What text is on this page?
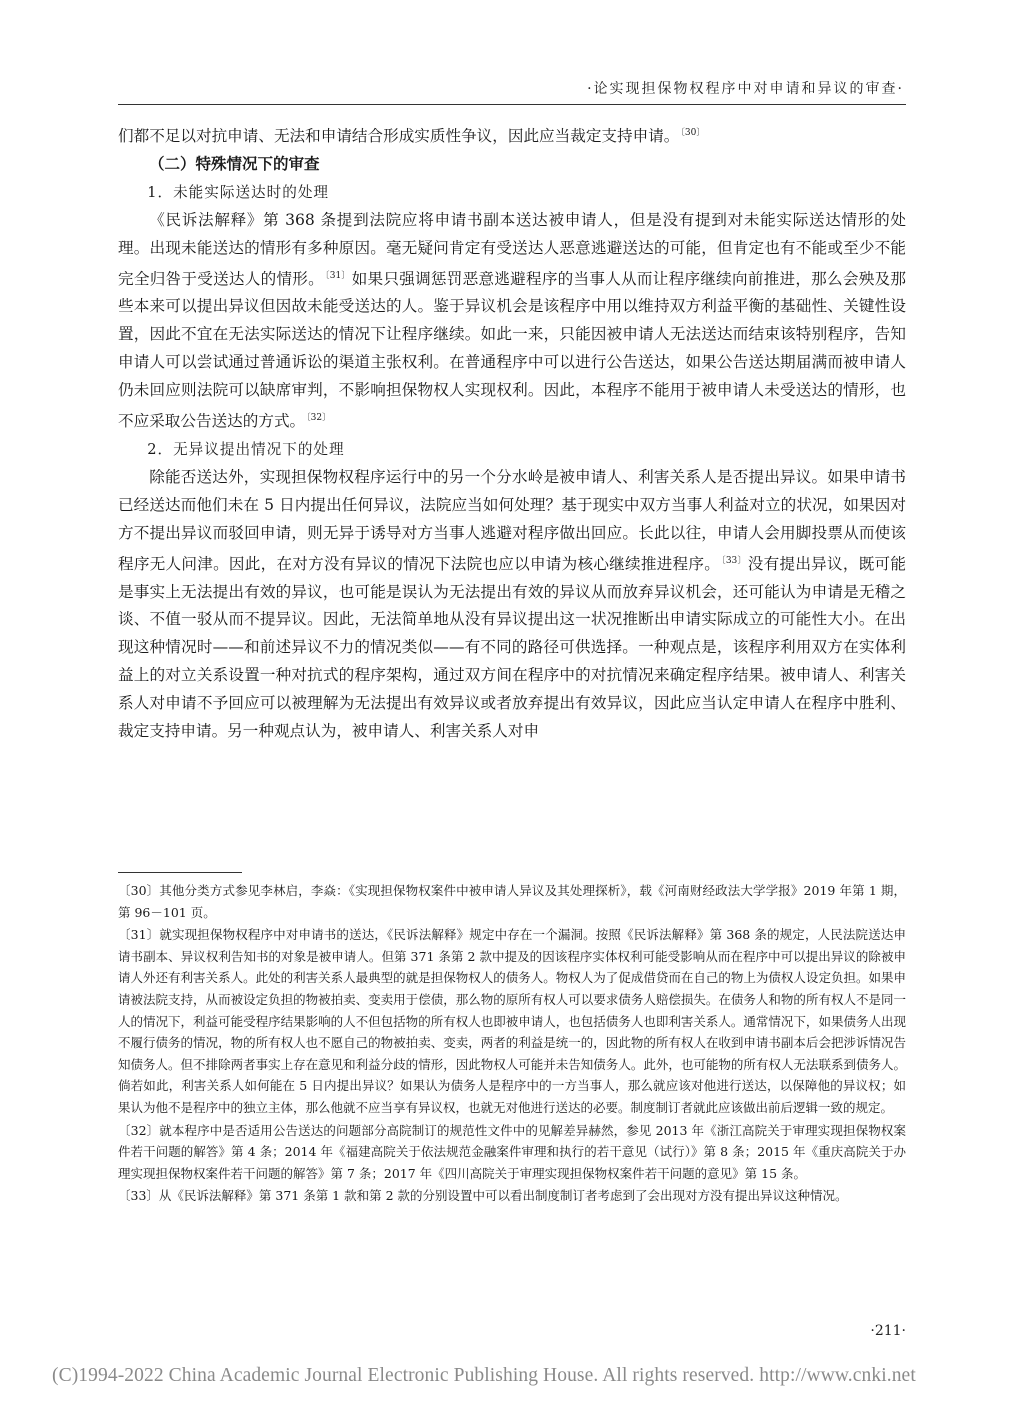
·论实现担保物权程序中对申请和异议的审查·

们都不足以对抗申请、无法和申请结合形成实质性争议，因此应当裁定支持申请。$^{〔30〕}$

（二）特殊情况下的审查

1．未能实际送达时的处理

《民诉法解释》第 368 条提到法院应将申请书副本送达被申请人，但是没有提到对未能实际送达情形的处理。出现未能送达的情形有多种原因。毫无疑问肯定有受送达人恶意逃避送达的可能，但肯定也有不能或至少不能完全归咎于受送达人的情形。$^{〔31〕}$如果只强调惩罚恶意逃避程序的当事人从而让程序继续向前推进，那么会殃及那些本来可以提出异议但因故未能受送达的人。鉴于异议机会是该程序中用以维持双方利益平衡的基础性、关键性设置，因此不宜在无法实际送达的情况下让程序继续。如此一来，只能因被申请人无法送达而结束该特别程序，告知申请人可以尝试通过普通诉讼的渠道主张权利。在普通程序中可以进行公告送达，如果公告送达期届满而被申请人仍未回应则法院可以缺席审判，不影响担保物权人实现权利。因此，本程序不能用于被申请人未受送达的情形，也不应采取公告送达的方式。$^{〔32〕}$

2．无异议提出情况下的处理

除能否送达外，实现担保物权程序运行中的另一个分水岭是被申请人、利害关系人是否提出异议。如果申请书已经送达而他们未在 5 日内提出任何异议，法院应当如何处理？基于现实中双方当事人利益对立的状况，如果因对方不提出异议而驳回申请，则无异于诱导对方当事人逃避对程序做出回应。长此以往，申请人会用脚投票从而使该程序无人问津。因此，在对方没有异议的情况下法院也应以申请为核心继续推进程序。$^{〔33〕}$没有提出异议，既可能是事实上无法提出有效的异议，也可能是误认为无法提出有效的异议从而放弃异议机会，还可能认为申请是无稽之谈、不值一驳从而不提异议。因此，无法简单地从没有异议提出这一状况推断出申请实际成立的可能性大小。在出现这种情况时——和前述异议不力的情况类似——有不同的路径可供选择。一种观点是，该程序利用双方在实体利益上的对立关系设置一种对抗式的程序架构，通过双方间在程序中的对抗情况来确定程序结果。被申请人、利害关系人对申请不予回应可以被理解为无法提出有效异议或者放弃提出有效异议，因此应当认定申请人在程序中胜利、裁定支持申请。另一种观点认为，被申请人、利害关系人对申

〔30〕其他分类方式参见李林启，李焱：《实现担保物权案件中被申请人异议及其处理探析》，载《河南财经政法大学学报》2019 年第 1 期，第 96－101 页。

〔31〕就实现担保物权程序中对申请书的送达，《民诉法解释》规定中存在一个漏洞。按照《民诉法解释》第 368 条的规定，人民法院送达申请书副本、异议权利告知书的对象是被申请人。但第 371 条第 2 款中提及的因该程序实体权利可能受影响从而在程序中可以提出异议的除被申请人外还有利害关系人。此处的利害关系人最典型的就是担保物权人的债务人。物权人为了促成借贷而在自己的物上为债权人设定负担。如果申请被法院支持，从而被设定负担的物被拍卖、变卖用于偿债，那么物的原所有权人可以要求债务人赔偿损失。在债务人和物的所有权人不是同一人的情况下，利益可能受程序结果影响的人不但包括物的所有权人也即被申请人，也包括债务人也即利害关系人。通常情况下，如果债务人出现不履行债务的情况，物的所有权人也不愿自己的物被拍卖、变卖，两者的利益是统一的，因此物的所有权人在收到申请书副本后会把涉诉情况告知债务人。但不排除两者事实上存在意见和利益分歧的情形，因此物权人可能并未告知债务人。此外，也可能物的所有权人无法联系到债务人。倘若如此，利害关系人如何能在 5 日内提出异议？如果认为债务人是程序中的一方当事人，那么就应该对他进行送达，以保障他的异议权；如果认为他不是程序中的独立主体，那么他就不应当享有异议权，也就无对他进行送达的必要。制度制订者就此应该做出前后逻辑一致的规定。

〔32〕就本程序中是否适用公告送达的问题部分高院制订的规范性文件中的见解差异赫然，参见 2013 年《浙江高院关于审理实现担保物权案件若干问题的解答》第 4 条；2014 年《福建高院关于依法规范金融案件审理和执行的若干意见（试行）》第 8 条；2015 年《重庆高院关于办理实现担保物权案件若干问题的解答》第 7 条；2017 年《四川高院关于审理实现担保物权案件若干问题的意见》第 15 条。

〔33〕从《民诉法解释》第 371 条第 1 款和第 2 款的分别设置中可以看出制度制订者考虑到了会出现对方没有提出异议这种情况。

·211·
(C)1994-2022 China Academic Journal Electronic Publishing House. All rights reserved. http://www.cnki.net
